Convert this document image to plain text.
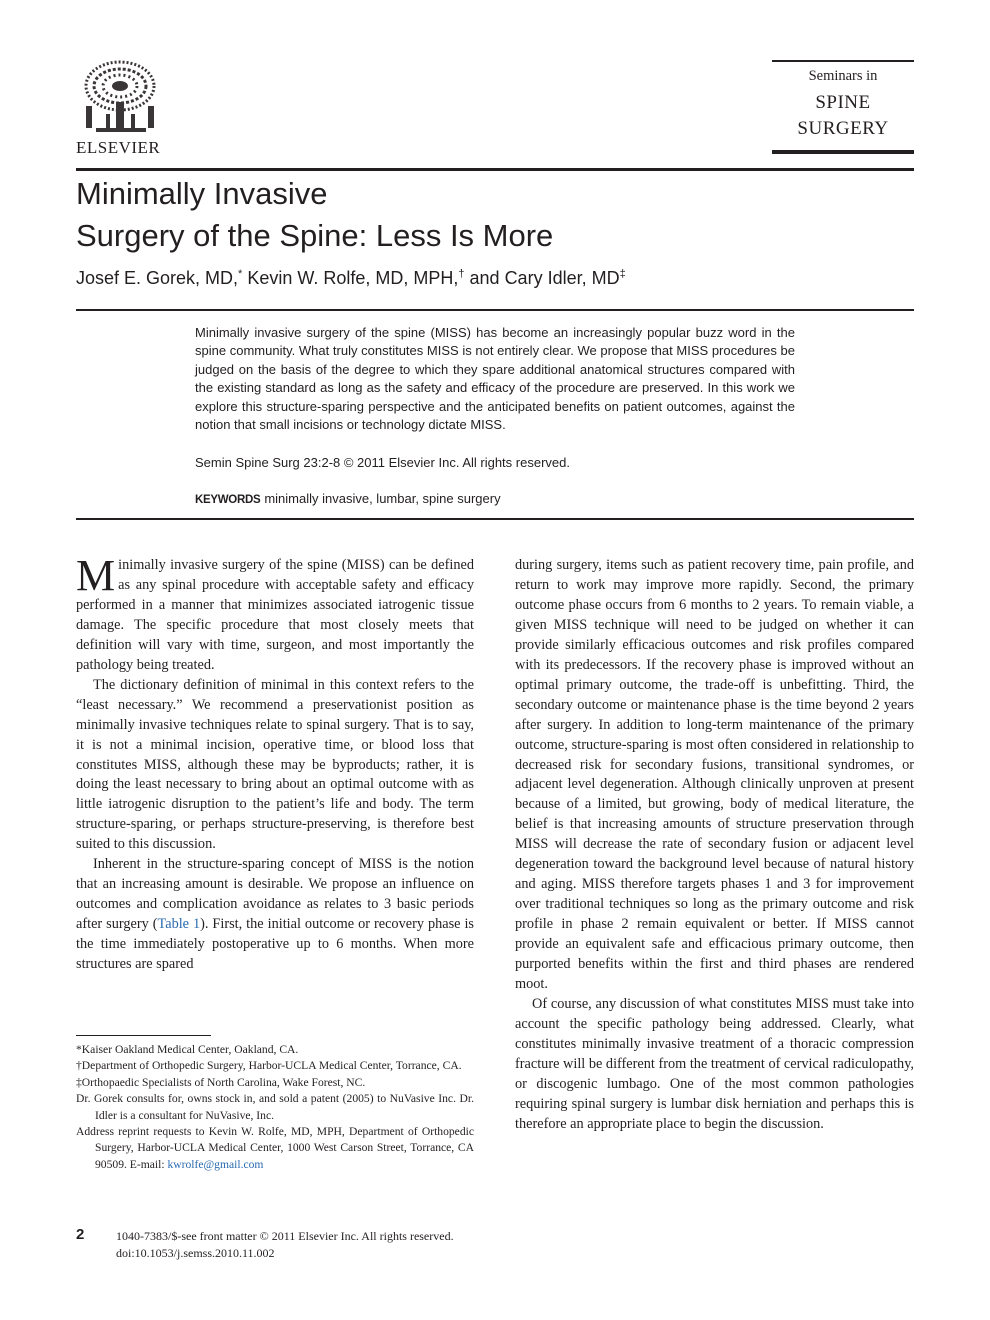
ELSEVIER
Seminars in
SPINE
SURGERY
Minimally Invasive
Surgery of the Spine: Less Is More
Josef E. Gorek, MD,* Kevin W. Rolfe, MD, MPH,† and Cary Idler, MD‡
Minimally invasive surgery of the spine (MISS) has become an increasingly popular buzz word in the spine community. What truly constitutes MISS is not entirely clear. We propose that MISS procedures be judged on the basis of the degree to which they spare additional anatomical structures compared with the existing standard as long as the safety and efficacy of the procedure are preserved. In this work we explore this structure-sparing perspective and the anticipated benefits on patient outcomes, against the notion that small incisions or technology dictate MISS.
Semin Spine Surg 23:2-8 © 2011 Elsevier Inc. All rights reserved.
KEYWORDS minimally invasive, lumbar, spine surgery

Minimally invasive surgery of the spine (MISS) can be defined as any spinal procedure with acceptable safety and efficacy performed in a manner that minimizes associated iatrogenic tissue damage. The specific procedure that most closely meets that definition will vary with time, surgeon, and most importantly the pathology being treated.

The dictionary definition of minimal in this context refers to the “least necessary.” We recommend a preservationist position as minimally invasive techniques relate to spinal surgery. That is to say, it is not a minimal incision, operative time, or blood loss that constitutes MISS, although these may be byproducts; rather, it is doing the least necessary to bring about an optimal outcome with as little iatrogenic disruption to the patient’s life and body. The term structure-sparing, or perhaps structure-preserving, is therefore best suited to this discussion.

Inherent in the structure-sparing concept of MISS is the notion that an increasing amount is desirable. We propose an influence on outcomes and complication avoidance as relates to 3 basic periods after surgery (Table 1). First, the initial outcome or recovery phase is the time immediately postoperative up to 6 months. When more structures are spared

*Kaiser Oakland Medical Center, Oakland, CA.

†Department of Orthopedic Surgery, Harbor-UCLA Medical Center, Torrance, CA.

‡Orthopaedic Specialists of North Carolina, Wake Forest, NC.

Dr. Gorek consults for, owns stock in, and sold a patent (2005) to NuVasive Inc. Dr. Idler is a consultant for NuVasive, Inc.

Address reprint requests to Kevin W. Rolfe, MD, MPH, Department of Orthopedic Surgery, Harbor-UCLA Medical Center, 1000 West Carson Street, Torrance, CA 90509. E-mail: kwrolfe@gmail.com

during surgery, items such as patient recovery time, pain profile, and return to work may improve more rapidly. Second, the primary outcome phase occurs from 6 months to 2 years. To remain viable, a given MISS technique will need to be judged on whether it can provide similarly efficacious outcomes and risk profiles compared with its predecessors. If the recovery phase is improved without an optimal primary outcome, the trade-off is unbefitting. Third, the secondary outcome or maintenance phase is the time beyond 2 years after surgery. In addition to long-term maintenance of the primary outcome, structure-sparing is most often considered in relationship to decreased risk for secondary fusions, transitional syndromes, or adjacent level degeneration. Although clinically unproven at present because of a limited, but growing, body of medical literature, the belief is that increasing amounts of structure preservation through MISS will decrease the rate of secondary fusion or adjacent level degeneration toward the background level because of natural history and aging. MISS therefore targets phases 1 and 3 for improvement over traditional techniques so long as the primary outcome and risk profile in phase 2 remain equivalent or better. If MISS cannot provide an equivalent safe and efficacious primary outcome, then purported benefits within the first and third phases are rendered moot.

Of course, any discussion of what constitutes MISS must take into account the specific pathology being addressed. Clearly, what constitutes minimally invasive treatment of a thoracic compression fracture will be different from the treatment of cervical radiculopathy, or discogenic lumbago. One of the most common pathologies requiring spinal surgery is lumbar disk herniation and perhaps this is therefore an appropriate place to begin the discussion.

2	1040-7383/$-see front matter © 2011 Elsevier Inc. All rights reserved.
doi:10.1053/j.semss.2010.11.002
